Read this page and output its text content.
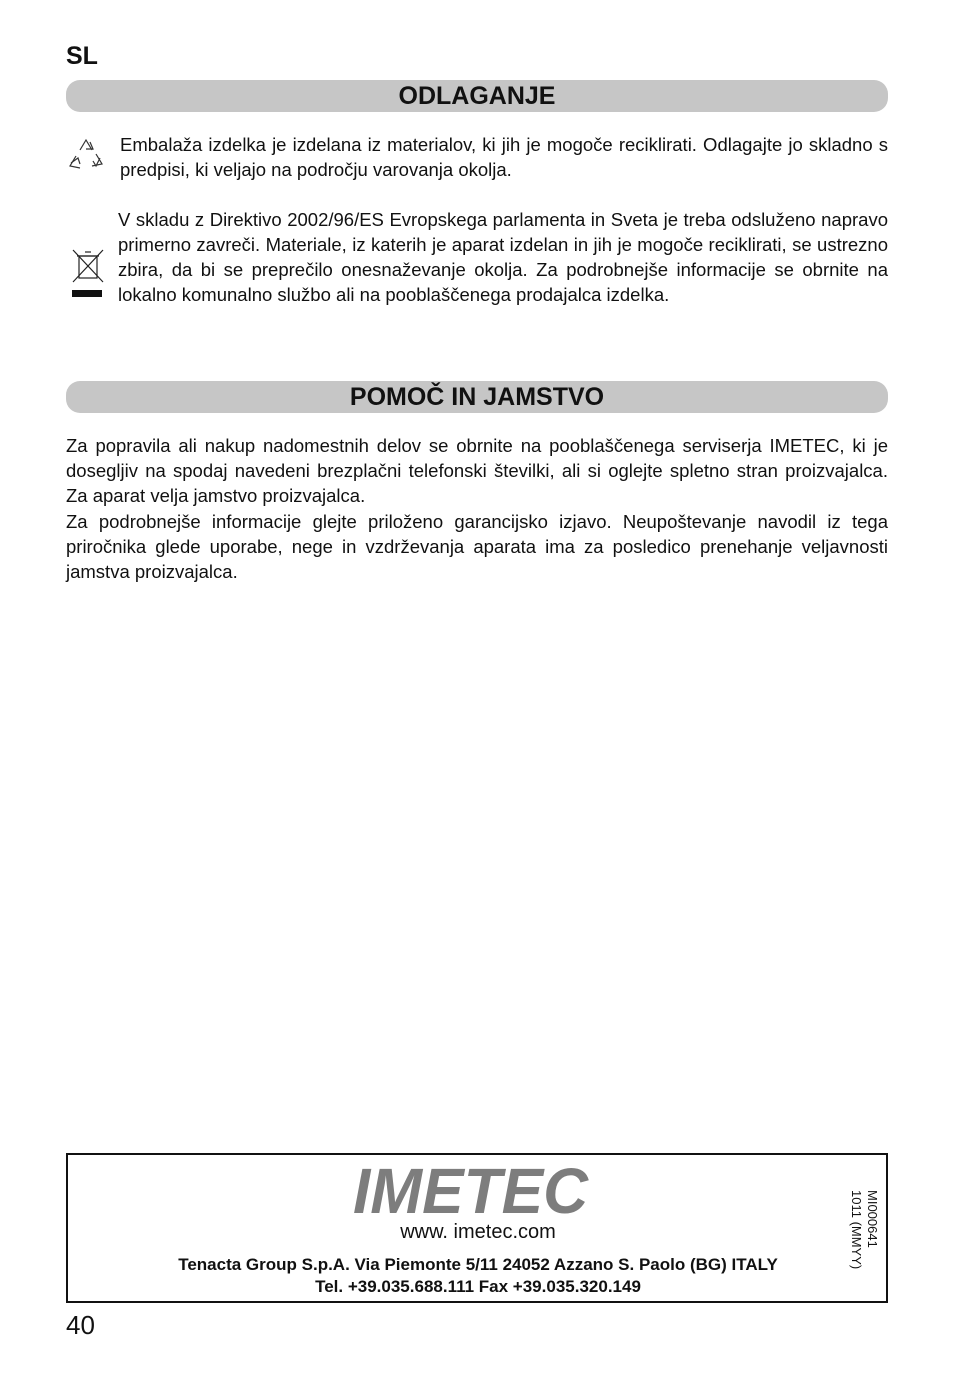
SL
ODLAGANJE

Embalaža izdelka je izdelana iz materialov, ki jih je mogoče reciklirati. Odlagajte jo skladno s predpisi, ki veljajo na področju varovanja okolja.

V skladu z Direktivo 2002/96/ES Evropskega parlamenta in Sveta je treba odsluženo napravo primerno zavreči. Materiale, iz katerih je aparat izdelan in jih je mogoče reciklirati, se ustrezno zbira, da bi se preprečilo onesnaževanje okolja. Za podrobnejše informacije se obrnite na lokalno komunalno službo ali na pooblaščenega prodajalca izdelka.

POMOČ IN JAMSTVO

Za popravila ali nakup nadomestnih delov se obrnite na pooblaščenega serviserja IMETEC, ki je dosegljiv na spodaj navedeni brezplačni telefonski številki, ali si oglejte spletno stran proizvajalca. Za aparat velja jamstvo proizvajalca.

Za podrobnejše informacije glejte priloženo garancijsko izjavo. Neupoštevanje navodil iz tega priročnika glede uporabe, nege in vzdrževanja aparata ima za posledico prenehanje veljavnosti jamstva proizvajalca.

IMETEC
www. imetec.com
Tenacta Group S.p.A. Via Piemonte 5/11 24052 Azzano S. Paolo (BG) ITALY
Tel. +39.035.688.111 Fax +39.035.320.149
MI000641
1011 (MMYY)
40
